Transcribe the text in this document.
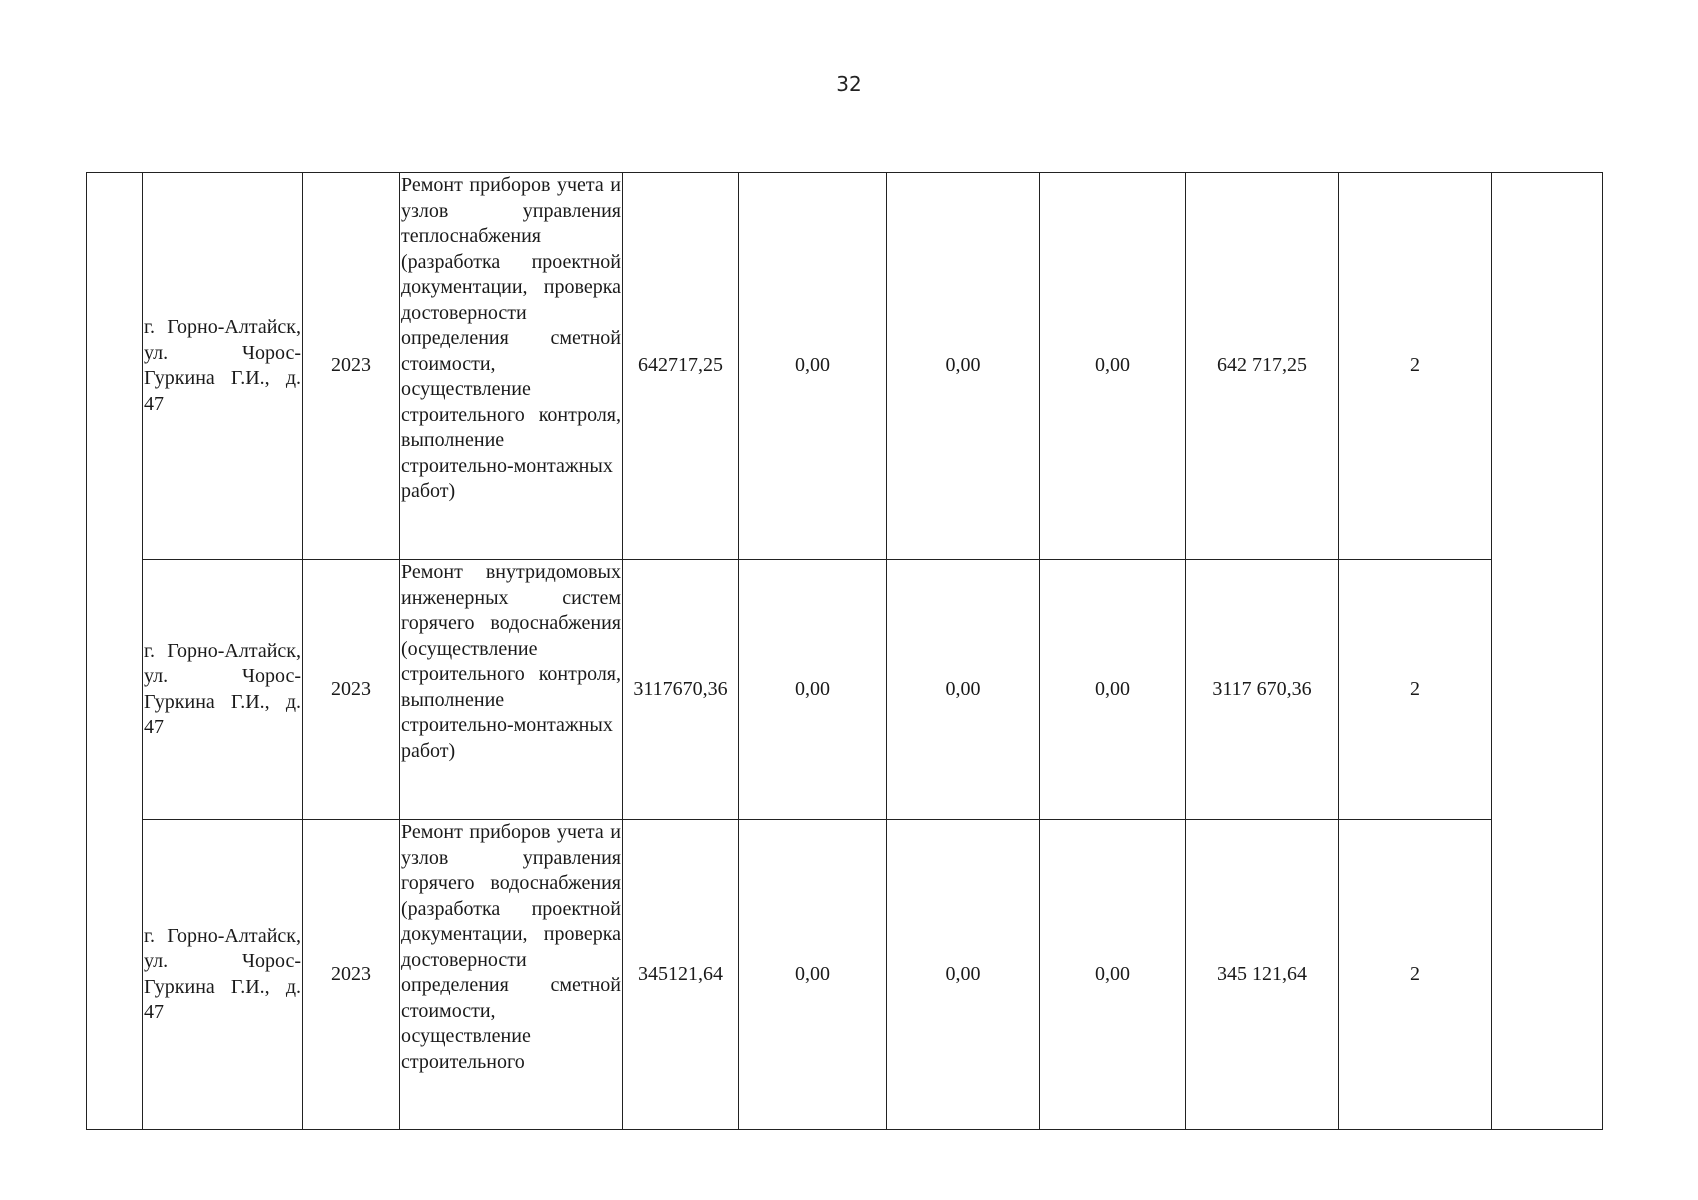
32

	г. Горно-Алтайск, ул. Чорос-Гуркина Г.И., д. 47	2023	Ремонт приборов учета и узлов управления теплоснабжения (разработка проектной документации, проверка достоверности определения сметной стоимости, осуществление строительного контроля, выполнение строительно-монтажных работ)	642717,25	0,00	0,00	0,00	642 717,25	2	

	г. Горно-Алтайск, ул. Чорос-Гуркина Г.И., д. 47	2023	Ремонт внутридомовых инженерных систем горячего водоснабжения (осуществление строительного контроля, выполнение строительно-монтажных работ)	3117670,36	0,00	0,00	0,00	3117 670,36	2	

	г. Горно-Алтайск, ул. Чорос-Гуркина Г.И., д. 47	2023	Ремонт приборов учета и узлов управления горячего водоснабжения (разработка проектной документации, проверка достоверности определения сметной стоимости, осуществление строительного	345121,64	0,00	0,00	0,00	345 121,64	2	
